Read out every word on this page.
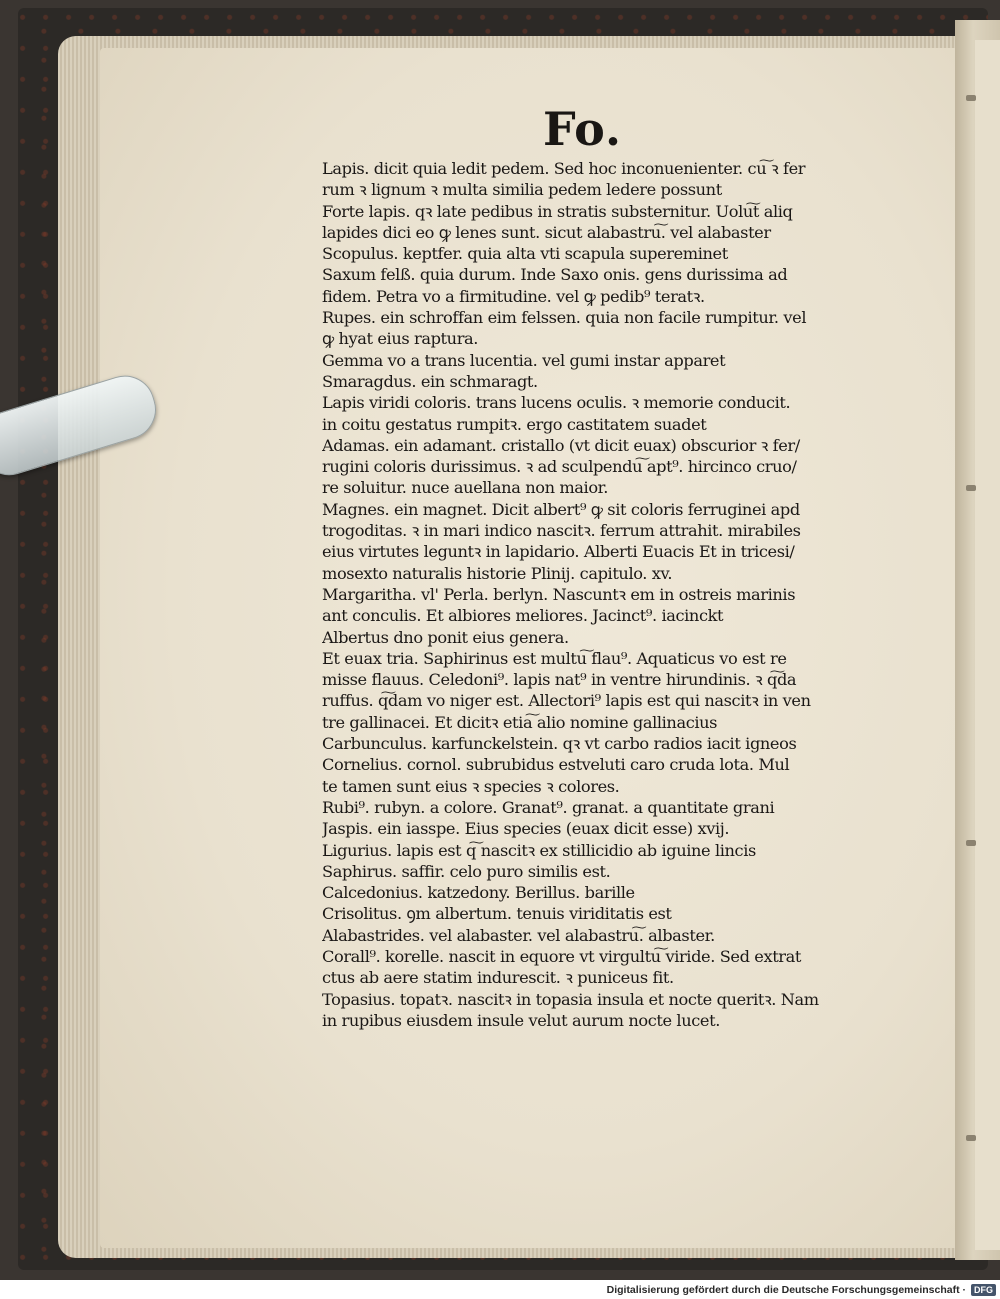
Fo.
Lapis. dicit quia ledit pedem. Sed hoc inconuenienter. cu͠ ꝛ fer
rum ꝛ lignum ꝛ multa similia pedem ledere possunt
Forte lapis. qꝛ late pedibus in stratis substernitur. Uolu͠t aliq
lapides dici eo ꝙ lenes sunt. sicut alabastru͠. vel alabaster
Scopulus. keptfer. quia alta vti scapula supereminet
Saxum felß. quia durum. Inde Saxo onis. gens durissima ad
fidem. Petra vo a firmitudine. vel ꝙ pedib⁹ teratꝛ.
Rupes. ein schroffan eim felssen. quia non facile rumpitur. vel
ꝙ hyat eius raptura.
Gemma vo a trans lucentia. vel gumi instar apparet
Smaragdus. ein schmaragt.
Lapis viridi coloris. trans lucens oculis. ꝛ memorie conducit.
in coitu gestatus rumpitꝛ. ergo castitatem suadet
Adamas. ein adamant. cristallo (vt dicit euax) obscurior ꝛ fer/
rugini coloris durissimus. ꝛ ad sculpendu͠ apt⁹. hircinco cruo/
re soluitur. nuce auellana non maior.
Magnes. ein magnet. Dicit albert⁹ ꝙ sit coloris ferruginei apd
trogoditas. ꝛ in mari indico nascitꝛ. ferrum attrahit. mirabiles
eius virtutes leguntꝛ in lapidario. Alberti Euacis Et in tricesi/
mosexto naturalis historie Plinij. capitulo. xv.
Margaritha. vl' Perla. berlyn. Nascuntꝛ em in ostreis marinis
ant conculis. Et albiores meliores. Jacinct⁹. iacinckt
Albertus dno ponit eius genera.
Et euax tria. Saphirinus est multu͠ flau⁹. Aquaticus vo est re
misse flauus. Celedoni⁹. lapis nat⁹ in ventre hirundinis. ꝛ q͠da
ruffus. q͠dam vo niger est. Allectori⁹ lapis est qui nascitꝛ in ven
tre gallinacei. Et dicitꝛ etia͠ alio nomine gallinacius
Carbunculus. karfunckelstein. qꝛ vt carbo radios iacit igneos
Cornelius. cornol. subrubidus estveluti caro cruda lota. Mul
te tamen sunt eius ꝛ species ꝛ colores.
Rubi⁹. rubyn. a colore. Granat⁹. granat. a quantitate grani
Jaspis. ein iasspe. Eius species (euax dicit esse) xvij.
Ligurius. lapis est q͠ nascitꝛ ex stillicidio ab iguine lincis
Saphirus. saffir. celo puro similis est.
Calcedonius. katzedony. Berillus. barille
Crisolitus. ꝯm albertum. tenuis viriditatis est
Alabastrides. vel alabaster. vel alabastru͠. albaster.
Corall⁹. korelle. nascit in equore vt virgultu͠ viride. Sed extrat
ctus ab aere statim indurescit. ꝛ puniceus fit.
Topasius. topatꝛ. nascitꝛ in topasia insula et nocte queritꝛ. Nam
in rupibus eiusdem insule velut aurum nocte lucet.
Digitalisierung gefördert durch die Deutsche Forschungsgemeinschaft · DFG
